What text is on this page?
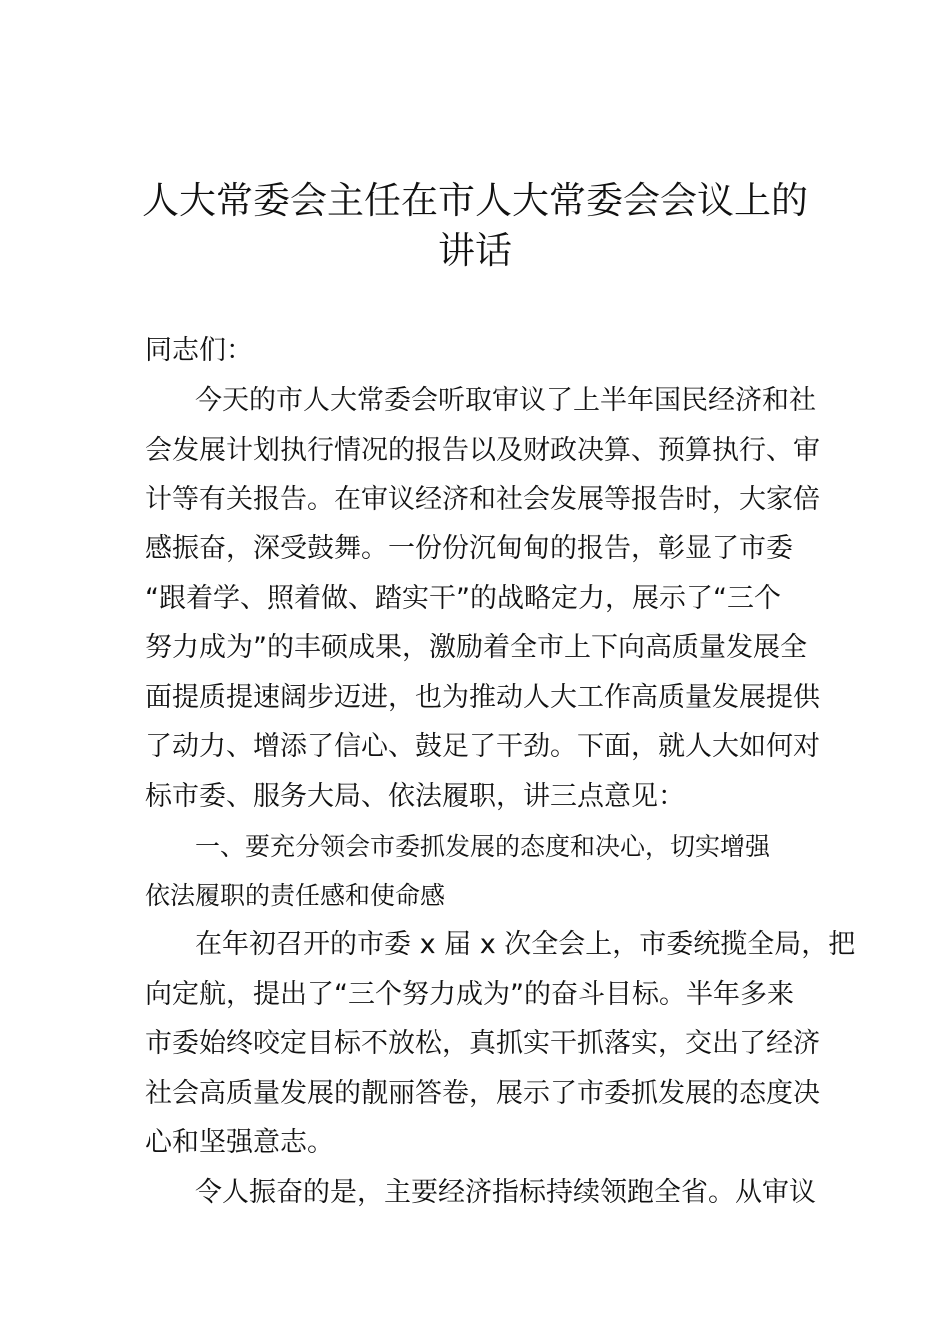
人大常委会主任在市人大常委会会议上的
讲话

同志们：

今天的市人大常委会听取审议了上半年国民经济和社

会发展计划执行情况的报告以及财政决算、预算执行、审

计等有关报告。在审议经济和社会发展等报告时，大家倍

感振奋，深受鼓舞。一份份沉甸甸的报告，彰显了市委

“跟着学、照着做、踏实干”的战略定力，展示了“三个

努力成为”的丰硕成果，激励着全市上下向高质量发展全

面提质提速阔步迈进，也为推动人大工作高质量发展提供

了动力、增添了信心、鼓足了干劲。下面，就人大如何对

标市委、服务大局、依法履职，讲三点意见：

一、要充分领会市委抓发展的态度和决心，切实增强

依法履职的责任感和使命感

在年初召开的市委 x 届 x 次全会上，市委统揽全局，把

向定航，提出了“三个努力成为”的奋斗目标。半年多来

市委始终咬定目标不放松，真抓实干抓落实，交出了经济

社会高质量发展的靓丽答卷，展示了市委抓发展的态度决

心和坚强意志。

令人振奋的是，主要经济指标持续领跑全省。从审议
